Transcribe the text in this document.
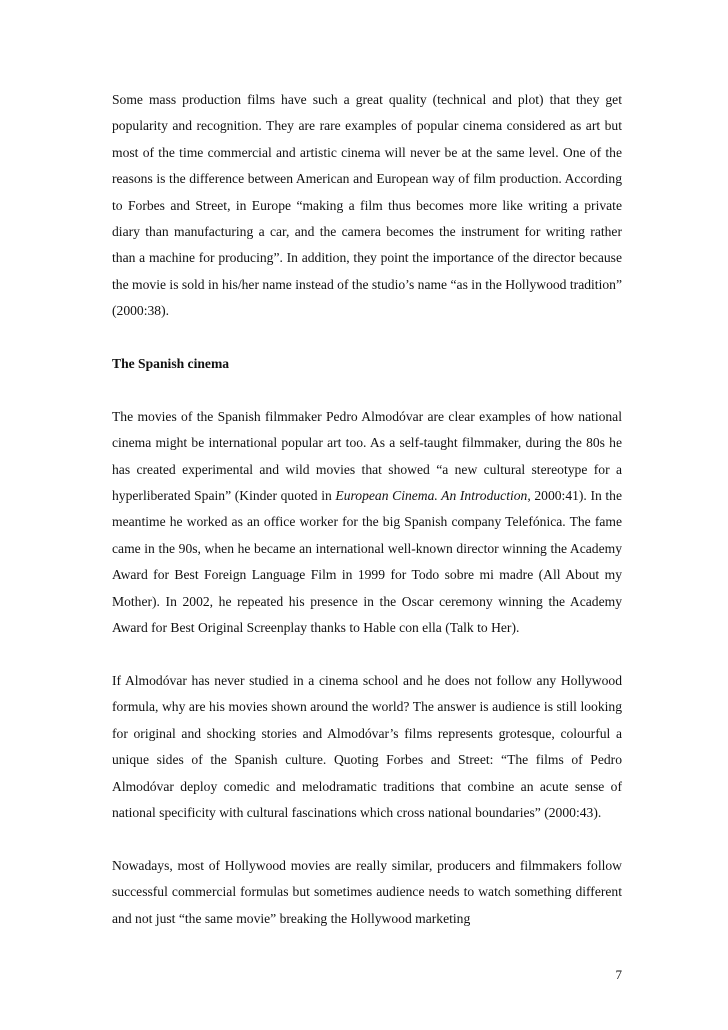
Some mass production films have such a great quality (technical and plot) that they get popularity and recognition. They are rare examples of popular cinema considered as art but most of the time commercial and artistic cinema will never be at the same level. One of the reasons is the difference between American and European way of film production. According to Forbes and Street, in Europe “making a film thus becomes more like writing a private diary than manufacturing a car, and the camera becomes the instrument for writing rather than a machine for producing”. In addition, they point the importance of the director because the movie is sold in his/her name instead of the studio’s name “as in the Hollywood tradition” (2000:38).

The Spanish cinema

The movies of the Spanish filmmaker Pedro Almodóvar are clear examples of how national cinema might be international popular art too. As a self-taught filmmaker, during the 80s he has created experimental and wild movies that showed “a new cultural stereotype for a hyperliberated Spain” (Kinder quoted in European Cinema. An Introduction, 2000:41). In the meantime he worked as an office worker for the big Spanish company Telefónica. The fame came in the 90s, when he became an international well-known director winning the Academy Award for Best Foreign Language Film in 1999 for Todo sobre mi madre (All About my Mother). In 2002, he repeated his presence in the Oscar ceremony winning the Academy Award for Best Original Screenplay thanks to Hable con ella (Talk to Her).

If Almodóvar has never studied in a cinema school and he does not follow any Hollywood formula, why are his movies shown around the world? The answer is audience is still looking for original and shocking stories and Almodóvar’s films represents grotesque, colourful a unique sides of the Spanish culture. Quoting Forbes and Street: “The films of Pedro Almodóvar deploy comedic and melodramatic traditions that combine an acute sense of national specificity with cultural fascinations which cross national boundaries” (2000:43).

Nowadays, most of Hollywood movies are really similar, producers and filmmakers follow successful commercial formulas but sometimes audience needs to watch something different and not just “the same movie” breaking the Hollywood marketing

7
